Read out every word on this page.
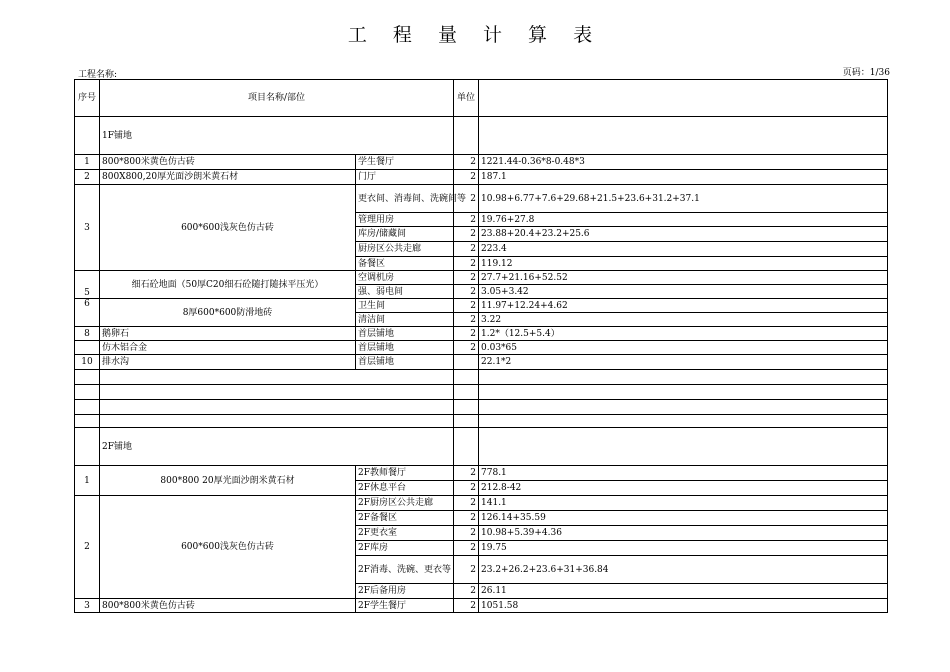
工 程 量 计 算 表
工程名称:	页码：1/36
序号	项目名称/部位		单位	
	1F铺地			
1	800*800米黄色仿古砖	学生餐厅	2	1221.44-0.36*8-0.48*3
2	800X800,20厚光面沙朗米黄石材	门厅	2	187.1
3	600*600浅灰色仿古砖	更衣间、消毒间、洗碗间等	2	10.98+6.77+7.6+29.68+21.5+23.6+31.2+37.1
		管理用房	2	19.76+27.8
		库房/储藏间	2	23.88+20.4+23.2+25.6
		厨房区公共走廊	2	223.4
		备餐区	2	119.12
5	细石砼地面（50厚C20细石砼随打随抹平压光）	空调机房	2	27.7+21.16+52.52
		强、弱电间	2	3.05+3.42
6	8厚600*600防滑地砖	卫生间	2	11.97+12.24+4.62
		清洁间	2	3.22
8	鹅卵石	首层铺地	2	1.2*（12.5+5.4）
	仿木铝合金	首层铺地	2	0.03*65
10	排水沟	首层铺地		22.1*2

	2F铺地			
1	800*800 20厚光面沙朗米黄石材	2F教师餐厅	2	778.1
		2F休息平台	2	212.8-42
2	600*600浅灰色仿古砖	2F厨房区公共走廊	2	141.1
		2F备餐区	2	126.14+35.59
		2F更衣室	2	10.98+5.39+4.36
		2F库房	2	19.75
		2F消毒、洗碗、更衣等	2	23.2+26.2+23.6+31+36.84
		2F后备用房	2	26.11
3	800*800米黄色仿古砖	2F学生餐厅	2	1051.58
